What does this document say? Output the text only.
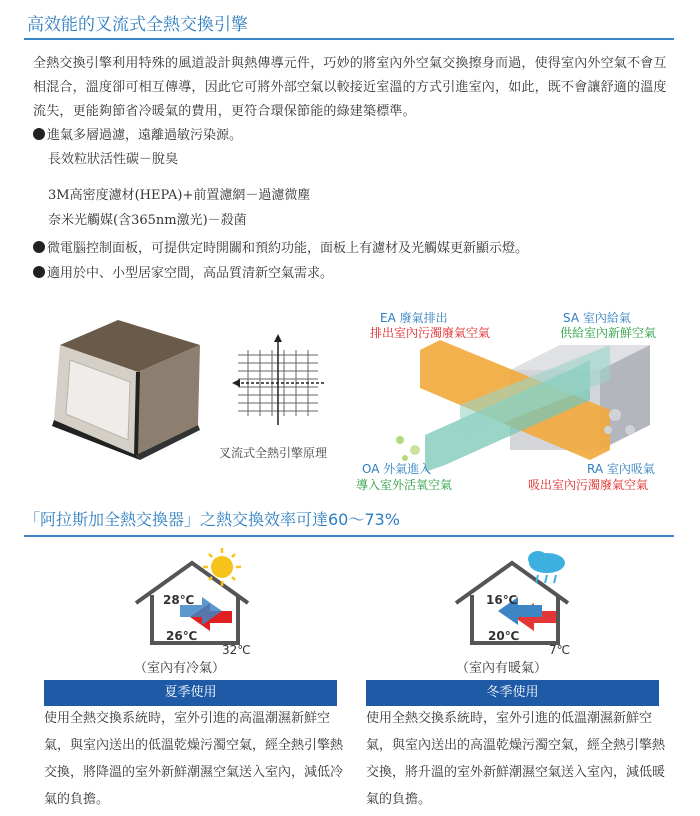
高效能的叉流式全熱交換引擎
全熱交換引擎利用特殊的風道設計與熱傳導元件，巧妙的將室內外空氣交換擦身而過，使得室內外空氣不會互相混合，溫度卻可相互傳導，因此它可將外部空氣以較接近室溫的方式引進室內，如此，既不會讓舒適的溫度流失，更能夠節省冷暖氣的費用，更符合環保節能的綠建築標準。
進氣多層過濾，遠離過敏污染源。
長效粒狀活性碳－脫臭
3M高密度濾材(HEPA)+前置濾網－過濾微塵
奈米光觸媒(含365nm激光)－殺菌
微電腦控制面板，可提供定時開關和預約功能，面板上有濾材及光觸媒更新顯示燈。
適用於中、小型居家空間，高品質清新空氣需求。
叉流式全熱引擎原理
EA 廢氣排出
排出室內污濁廢氣空氣
SA 室內給氣
供給室內新鮮空氣
OA 外氣進入
導入室外活氧空氣
RA 室內吸氣
吸出室內污濁廢氣空氣
「阿拉斯加全熱交換器」之熱交換效率可達60～73%
28℃
26℃
32℃
（室內有冷氣）
16℃
20℃
7℃
（室內有暖氣）
夏季使用	冬季使用
使用全熱交換系統時，室外引進的高溫潮濕新鮮空氣，與室內送出的低溫乾燥污濁空氣，經全熱引擎熱交換，將降溫的室外新鮮潮濕空氣送入室內，減低冷氣的負擔。
使用全熱交換系統時，室外引進的低溫潮濕新鮮空氣，與室內送出的高溫乾燥污濁空氣，經全熱引擎熱交換，將升溫的室外新鮮潮濕空氣送入室內，減低暖氣的負擔。
